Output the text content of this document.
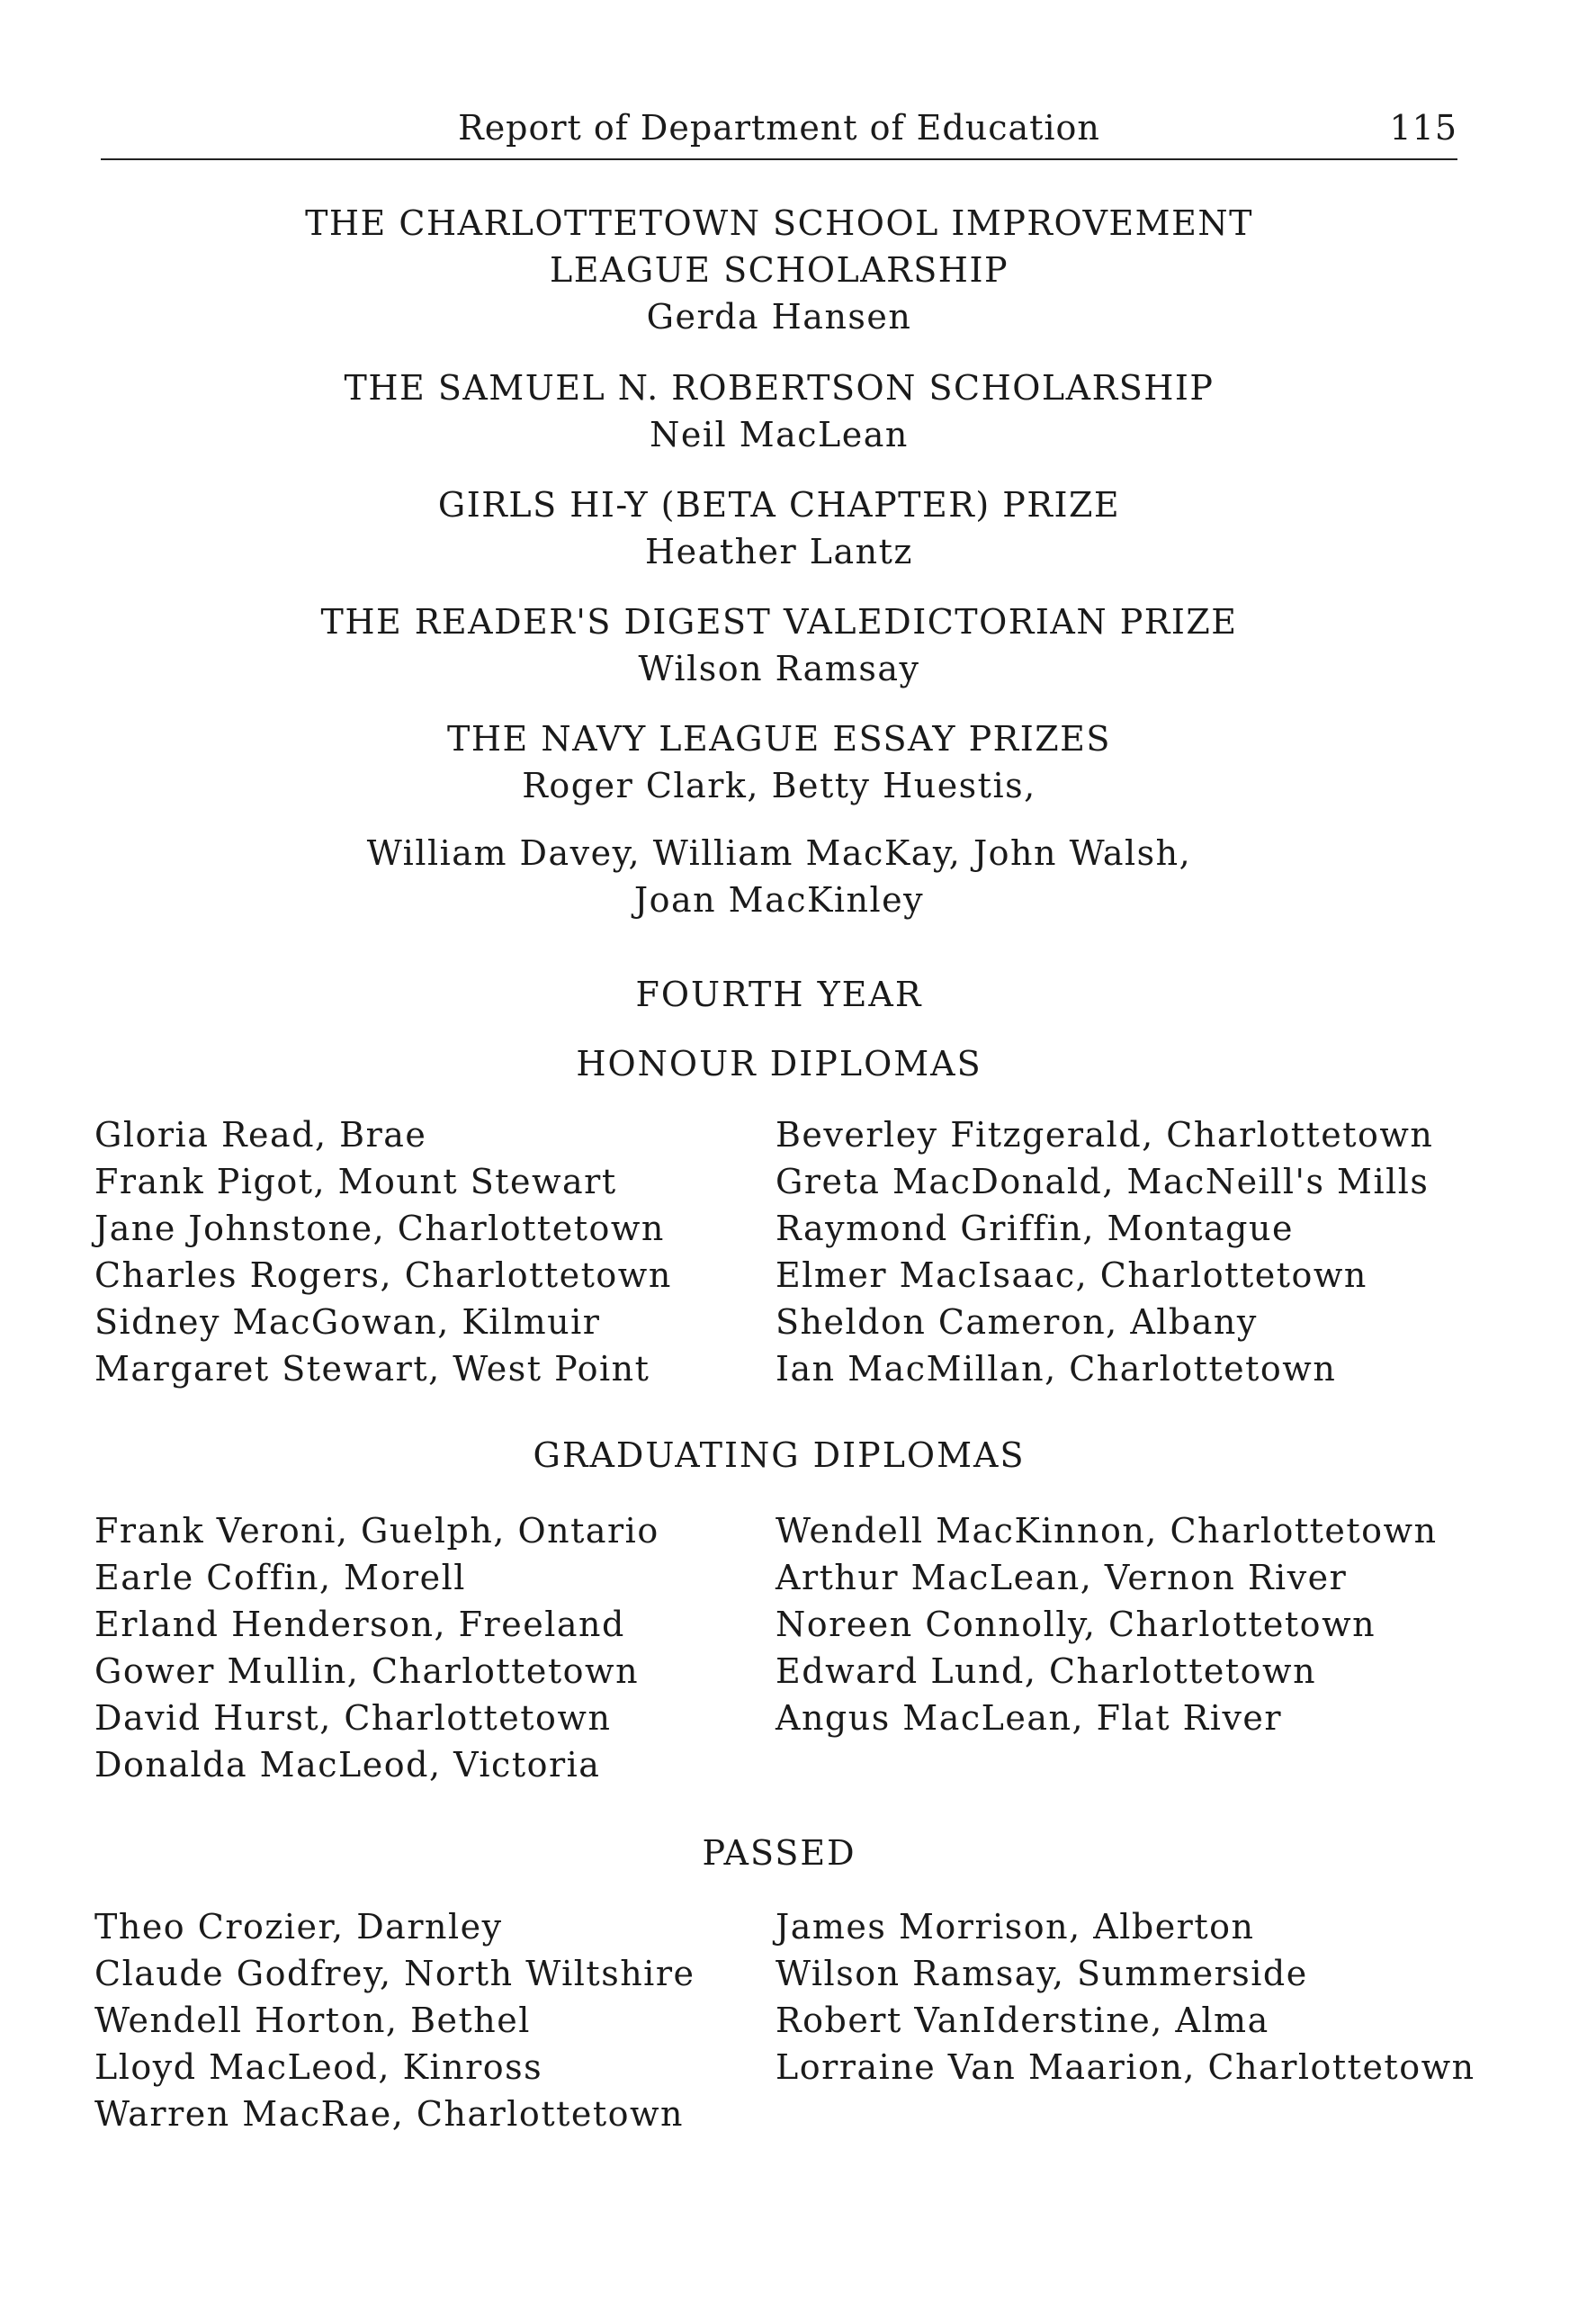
Report of Department of Education	115
THE CHARLOTTETOWN SCHOOL IMPROVEMENT
LEAGUE SCHOLARSHIP
Gerda Hansen
THE SAMUEL N. ROBERTSON SCHOLARSHIP
Neil MacLean
GIRLS HI-Y (BETA CHAPTER) PRIZE
Heather Lantz
THE READER'S DIGEST VALEDICTORIAN PRIZE
Wilson Ramsay
THE NAVY LEAGUE ESSAY PRIZES
Roger Clark, Betty Huestis,
William Davey, William MacKay, John Walsh,
Joan MacKinley
FOURTH YEAR
HONOUR DIPLOMAS
Gloria Read, Brae
Frank Pigot, Mount Stewart
Jane Johnstone, Charlottetown
Charles Rogers, Charlottetown
Sidney MacGowan, Kilmuir
Margaret Stewart, West Point
Beverley Fitzgerald, Charlottetown
Greta MacDonald, MacNeill's Mills
Raymond Griffin, Montague
Elmer MacIsaac, Charlottetown
Sheldon Cameron, Albany
Ian MacMillan, Charlottetown
GRADUATING DIPLOMAS
Frank Veroni, Guelph, Ontario
Earle Coffin, Morell
Erland Henderson, Freeland
Gower Mullin, Charlottetown
David Hurst, Charlottetown
Donalda MacLeod, Victoria
Wendell MacKinnon, Charlottetown
Arthur MacLean, Vernon River
Noreen Connolly, Charlottetown
Edward Lund, Charlottetown
Angus MacLean, Flat River
PASSED
Theo Crozier, Darnley
Claude Godfrey, North Wiltshire
Wendell Horton, Bethel
Lloyd MacLeod, Kinross
Warren MacRae, Charlottetown
James Morrison, Alberton
Wilson Ramsay, Summerside
Robert VanIderstine, Alma
Lorraine Van Maarion, Charlottetown
